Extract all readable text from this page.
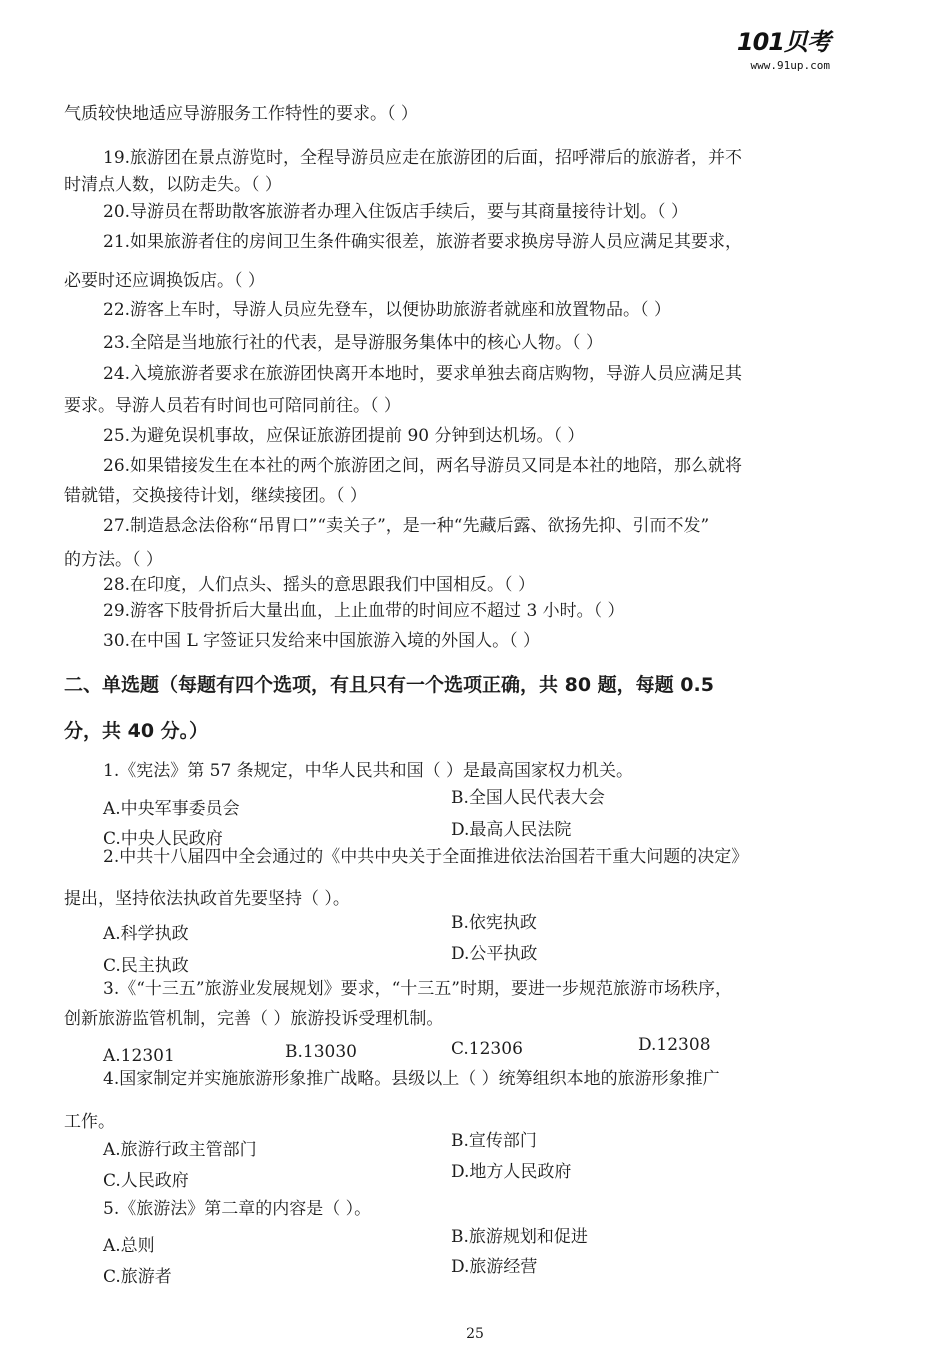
101贝考
www.91up.com
气质较快地适应导游服务工作特性的要求。（ ）
19.旅游团在景点游览时，全程导游员应走在旅游团的后面，招呼滞后的旅游者，并不
时清点人数，以防走失。（ ）
20.导游员在帮助散客旅游者办理入住饭店手续后，要与其商量接待计划。（ ）
21.如果旅游者住的房间卫生条件确实很差，旅游者要求换房导游人员应满足其要求，
必要时还应调换饭店。（ ）
22.游客上车时，导游人员应先登车，以便协助旅游者就座和放置物品。（ ）
23.全陪是当地旅行社的代表，是导游服务集体中的核心人物。（ ）
24.入境旅游者要求在旅游团快离开本地时，要求单独去商店购物，导游人员应满足其
要求。导游人员若有时间也可陪同前往。（ ）
25.为避免误机事故，应保证旅游团提前 90 分钟到达机场。（ ）
26.如果错接发生在本社的两个旅游团之间，两名导游员又同是本社的地陪，那么就将
错就错，交换接待计划，继续接团。（ ）
27.制造悬念法俗称“吊胃口”“卖关子”，是一种“先藏后露、欲扬先抑、引而不发”
的方法。（ ）
28.在印度，人们点头、摇头的意思跟我们中国相反。（ ）
29.游客下肢骨折后大量出血，上止血带的时间应不超过 3 小时。（ ）
30.在中国 L 字签证只发给来中国旅游入境的外国人。（ ）
二、单选题（每题有四个选项，有且只有一个选项正确，共 80 题，每题 0.5
分，共 40 分。）
1.《宪法》第 57 条规定，中华人民共和国（ ）是最高国家权力机关。
A.中央军事委员会
B.全国人民代表大会
C.中央人民政府	D.最高人民法院
2.中共十八届四中全会通过的《中共中央关于全面推进依法治国若干重大问题的决定》
提出，坚持依法执政首先要坚持（ ）。
A.科学执政
B.依宪执政
C.民主执政
D.公平执政
3.《“十三五”旅游业发展规划》要求，“十三五”时期，要进一步规范旅游市场秩序，
创新旅游监管机制，完善（ ）旅游投诉受理机制。
A.12301	B.13030	C.12306	D.12308
4.国家制定并实施旅游形象推广战略。县级以上（ ）统筹组织本地的旅游形象推广
工作。
A.旅游行政主管部门	B.宣传部门
C.人民政府	D.地方人民政府
5.《旅游法》第二章的内容是（ ）。
A.总则	B.旅游规划和促进
C.旅游者	D.旅游经营
25
